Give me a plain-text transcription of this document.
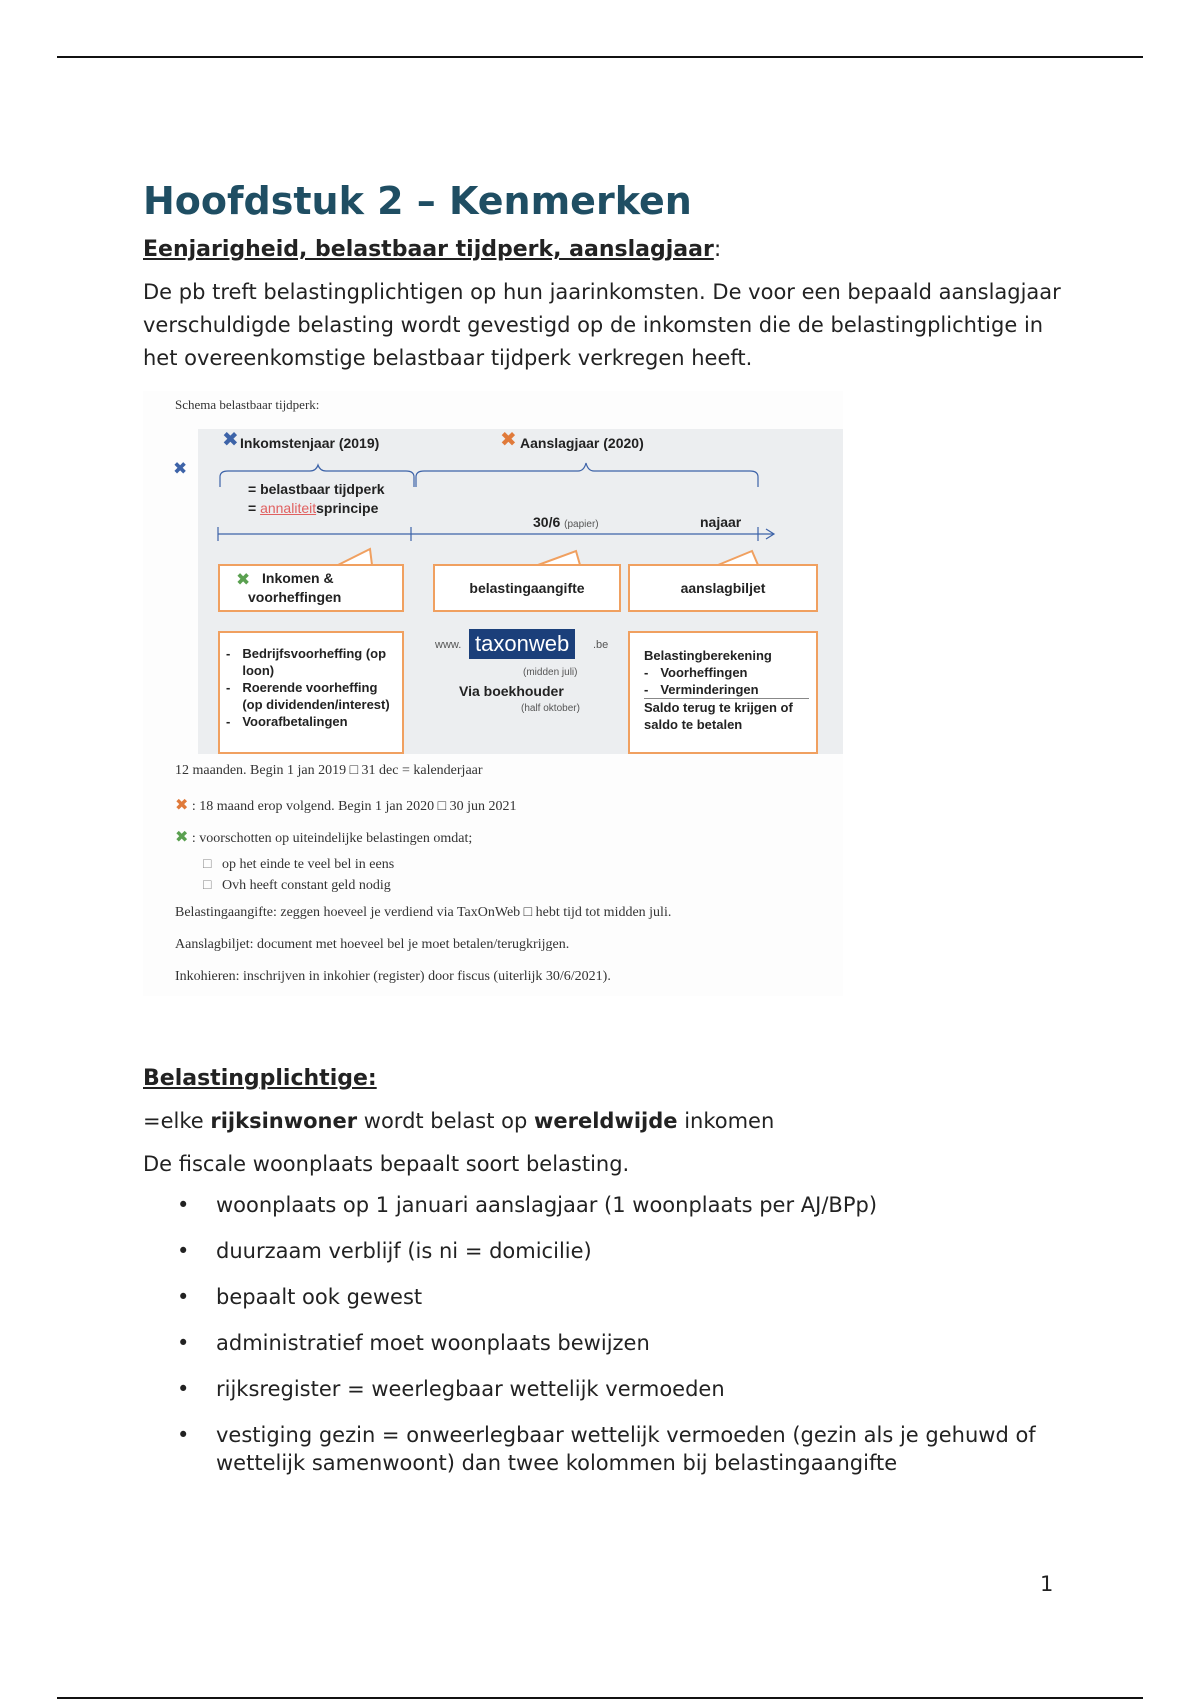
Hoofdstuk 2 – Kenmerken
Eenjarigheid, belastbaar tijdperk, aanslagjaar:
De pb treft belastingplichtigen op hun jaarinkomsten. De voor een bepaald aanslagjaar verschuldigde belasting wordt gevestigd op de inkomsten die de belastingplichtige in het overeenkomstige belastbaar tijdperk verkregen heeft.
Schema belastbaar tijdperk:
✖ Inkomstenjaar (2019)	✖ Aanslagjaar (2020)
= belastbaar tijdperk
= annaliteitsprincipe
30/6 (papier)	najaar
✖ Inkomen &
voorheffingen
belastingaangifte	aanslagbiljet
- Bedrijfsvoorheffing (op loon)
- Roerende voorheffing (op dividenden/interest)
- Voorafbetalingen
www. taxonweb	.be
(midden juli)
Via boekhouder
(half oktober)
Belastingberekening
- Voorheffingen
- Verminderingen
Saldo terug te krijgen of saldo te betalen
✖
12 maanden. Begin 1 jan 2019 □ 31 dec = kalenderjaar
✖ : 18 maand erop volgend. Begin 1 jan 2020 □ 30 jun 2021
✖ : voorschotten op uiteindelijke belastingen omdat;
□ op het einde te veel bel in eens
□ Ovh heeft constant geld nodig
Belastingaangifte: zeggen hoeveel je verdiend via TaxOnWeb □ hebt tijd tot midden juli.
Aanslagbiljet: document met hoeveel bel je moet betalen/terugkrijgen.
Inkohieren: inschrijven in inkohier (register) door fiscus (uiterlijk 30/6/2021).
Belastingplichtige:
=elke rijksinwoner wordt belast op wereldwijde inkomen
De fiscale woonplaats bepaalt soort belasting.
• woonplaats op 1 januari aanslagjaar (1 woonplaats per AJ/BPp)
• duurzaam verblijf (is ni = domicilie)
• bepaalt ook gewest
• administratief moet woonplaats bewijzen
• rijksregister = weerlegbaar wettelijk vermoeden
• vestiging gezin = onweerlegbaar wettelijk vermoeden (gezin als je gehuwd of wettelijk samenwoont) dan twee kolommen bij belastingaangifte
1
